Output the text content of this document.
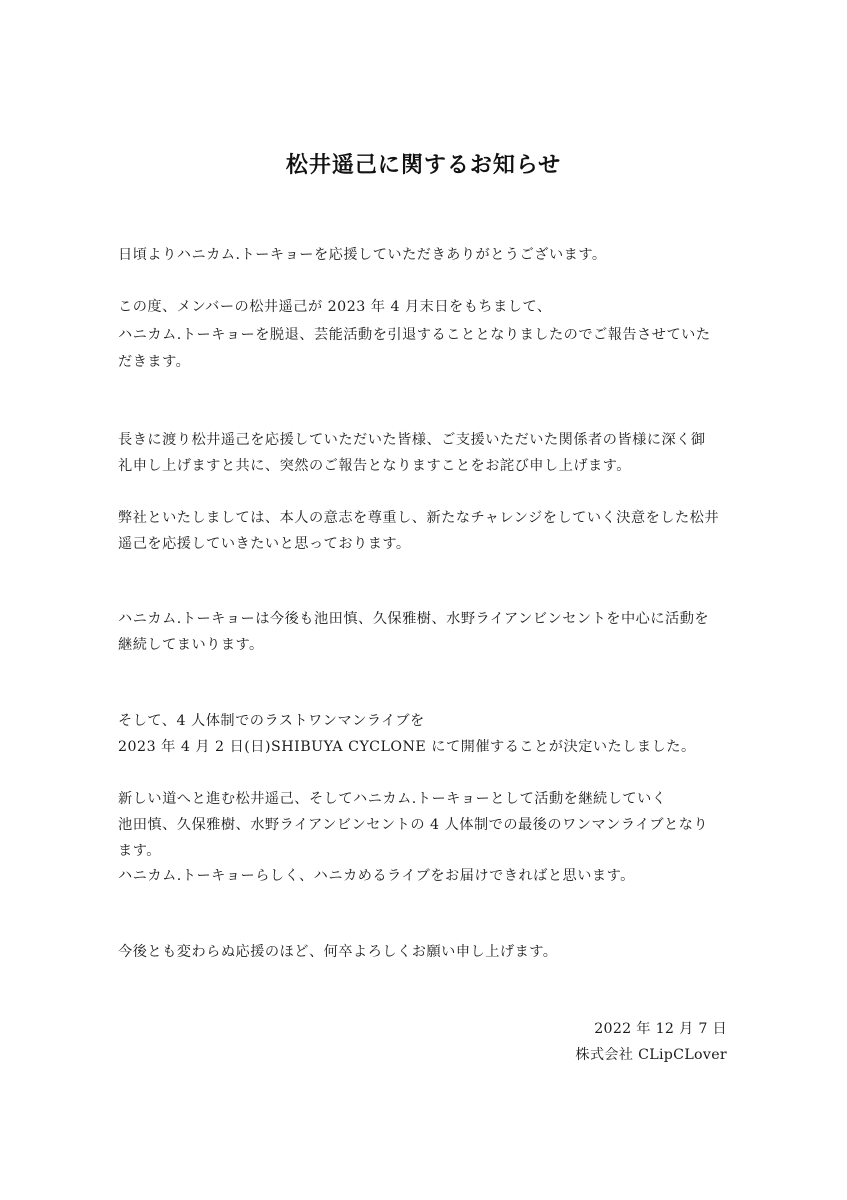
松井遥己に関するお知らせ
日頃よりハニカム.トーキョーを応援していただきありがとうございます。
この度、メンバーの松井遥己が 2023 年 4 月末日をもちまして、
ハニカム.トーキョーを脱退、芸能活動を引退することとなりましたのでご報告させていた
だきます。
長きに渡り松井遥己を応援していただいた皆様、ご支援いただいた関係者の皆様に深く御
礼申し上げますと共に、突然のご報告となりますことをお詫び申し上げます。
弊社といたしましては、本人の意志を尊重し、新たなチャレンジをしていく決意をした松井
遥己を応援していきたいと思っております。
ハニカム.トーキョーは今後も池田慎、久保雅樹、水野ライアンビンセントを中心に活動を
継続してまいります。
そして、4 人体制でのラストワンマンライブを
2023 年 4 月 2 日(日)SHIBUYA CYCLONE にて開催することが決定いたしました。
新しい道へと進む松井遥己、そしてハニカム.トーキョーとして活動を継続していく
池田慎、久保雅樹、水野ライアンビンセントの 4 人体制での最後のワンマンライブとなり
ます。
ハニカム.トーキョーらしく、ハニカめるライブをお届けできればと思います。
今後とも変わらぬ応援のほど、何卒よろしくお願い申し上げます。
2022 年 12 月 7 日
株式会社 CLipCLover
